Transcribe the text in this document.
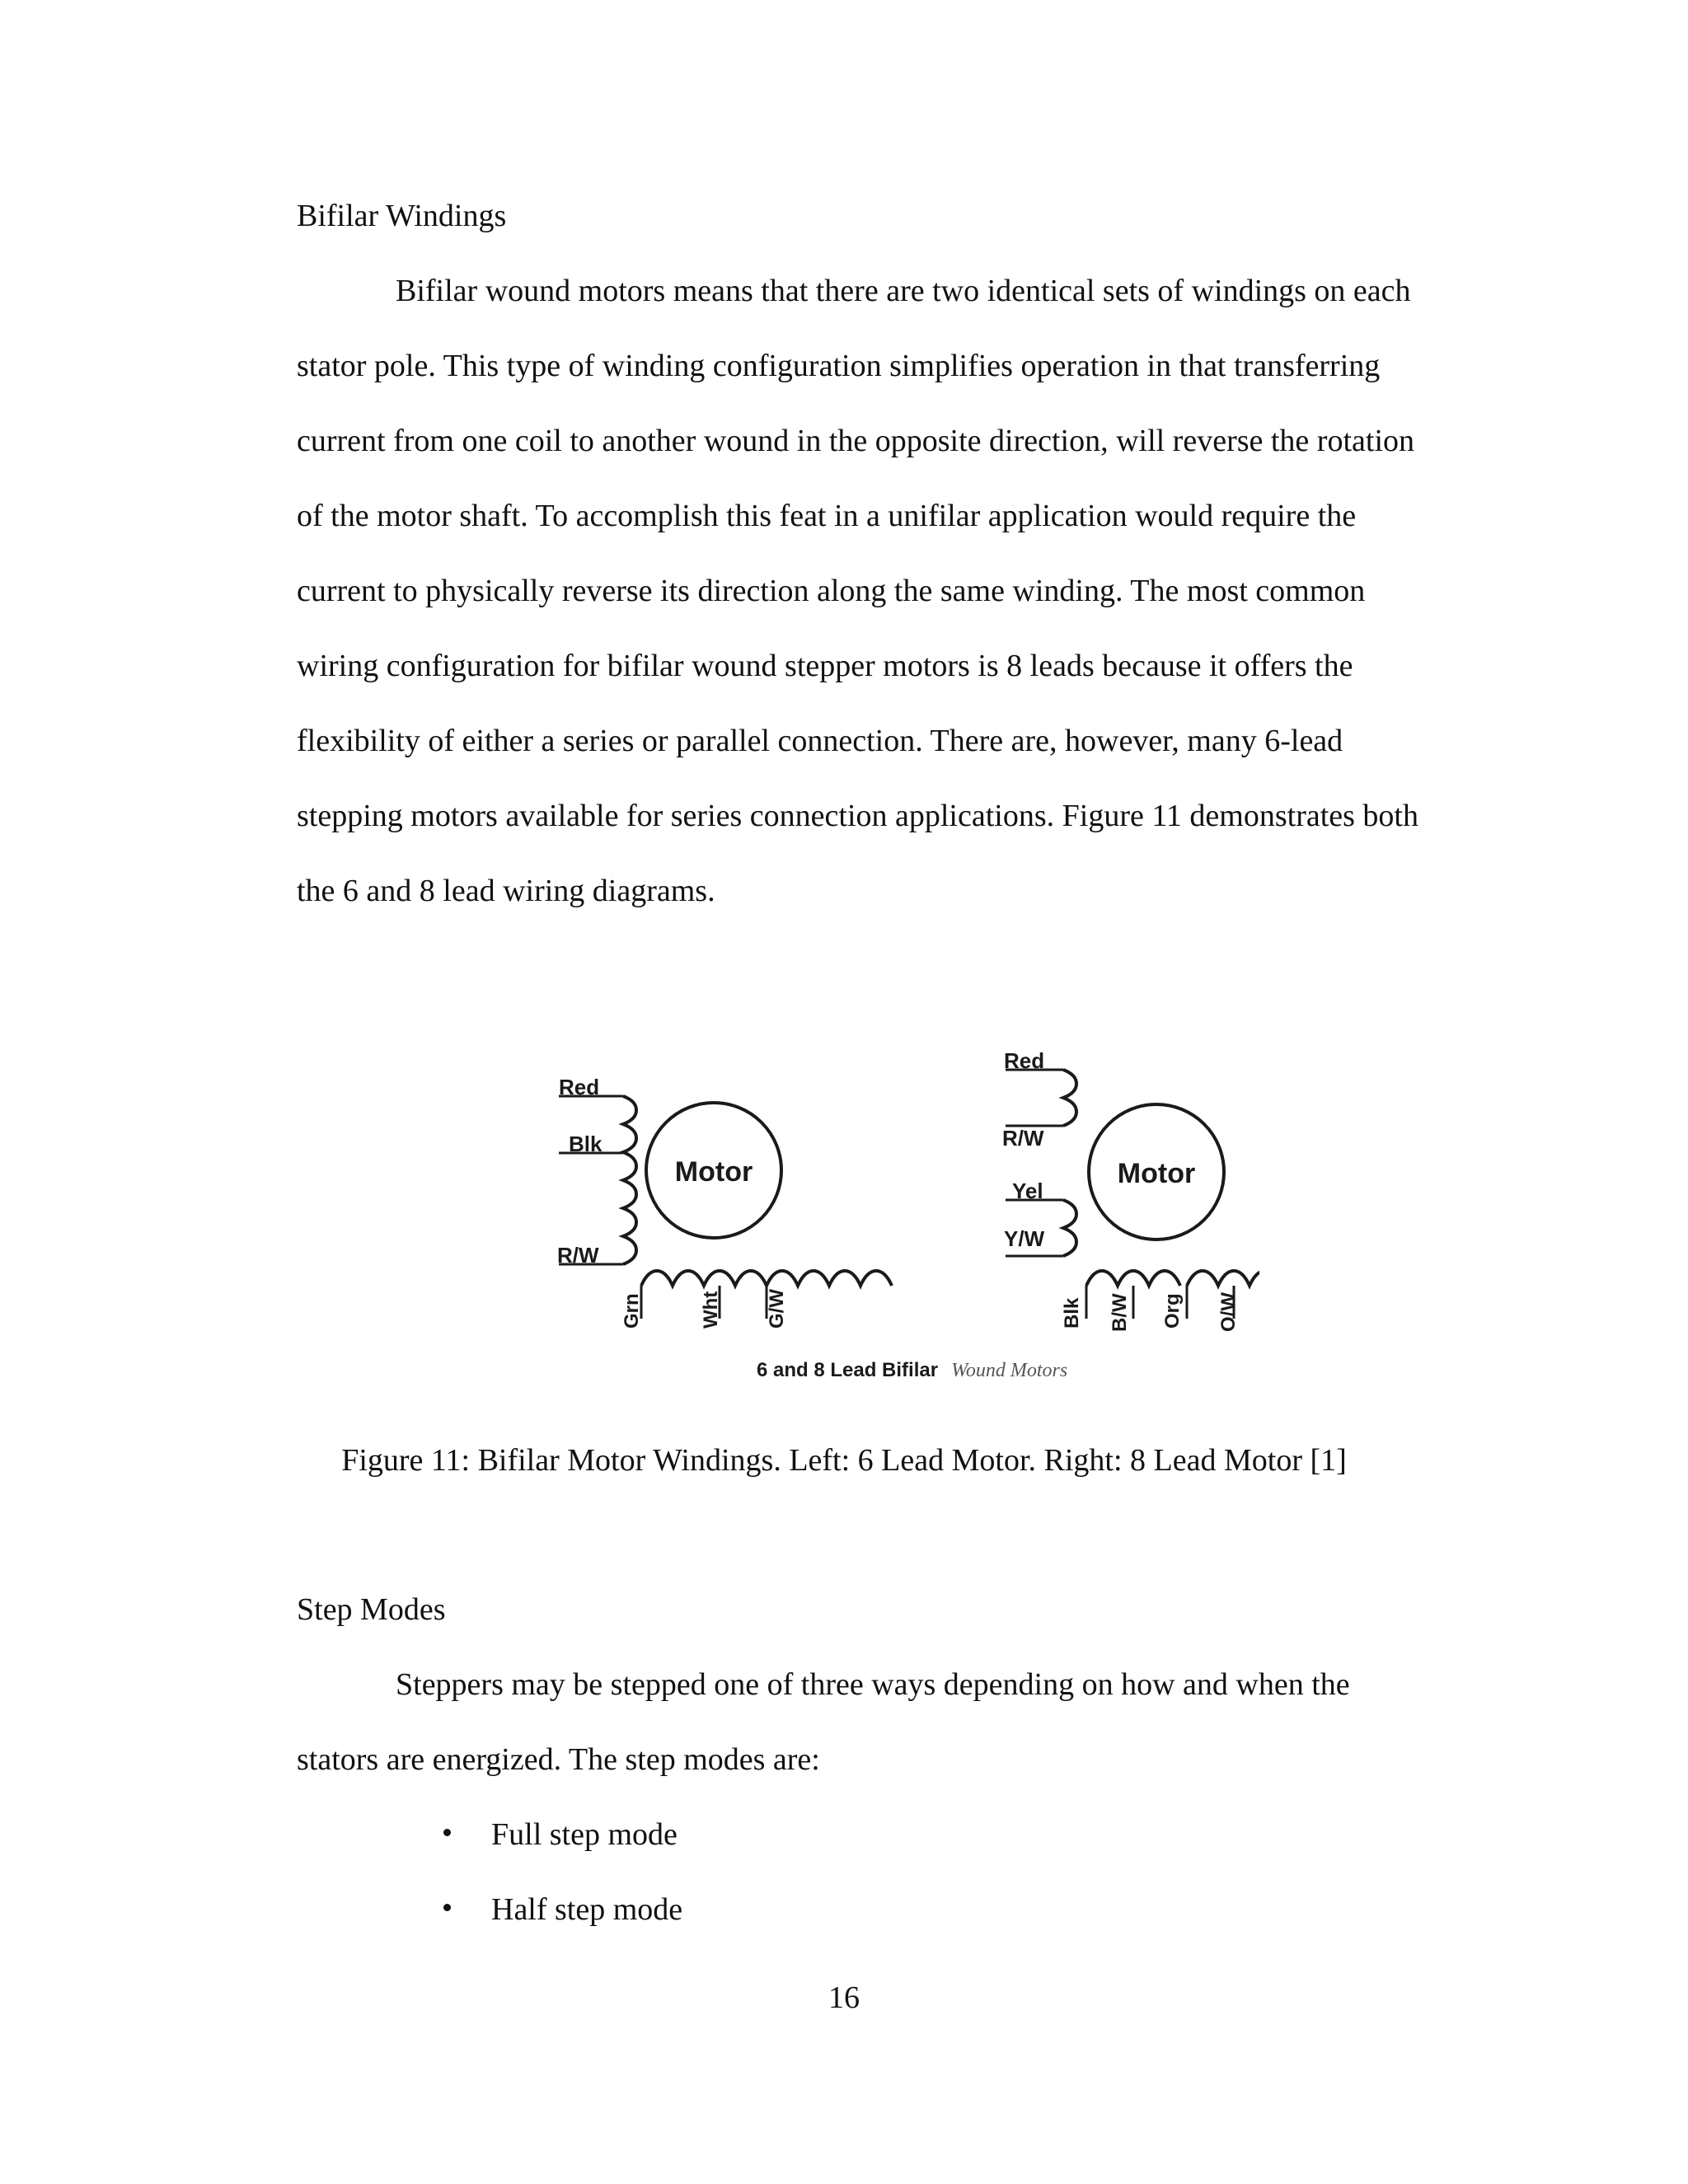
Bifilar Windings
Bifilar wound motors means that there are two identical sets of windings on each
stator pole. This type of winding configuration simplifies operation in that transferring
current from one coil to another wound in the opposite direction, will reverse the rotation
of the motor shaft. To accomplish this feat in a unifilar application would require the
current to physically reverse its direction along the same winding. The most common
wiring configuration for bifilar wound stepper motors is 8 leads because it offers the
flexibility of either a series or parallel connection. There are, however, many 6-lead
stepping motors available for series connection applications. Figure 11 demonstrates both
the 6 and 8 lead wiring diagrams.
Motor
Red
Blk
R/W
Grn	Wht G/W
Motor
Red
R/W
Yel
Y/W
Blk B/W Org O/W
6 and 8 Lead Bifilar Wound Motors
Figure 11: Bifilar Motor Windings. Left: 6 Lead Motor. Right: 8 Lead Motor [1]
Step Modes
Steppers may be stepped one of three ways depending on how and when the
stators are energized. The step modes are:
Full step mode
Half step mode
16
